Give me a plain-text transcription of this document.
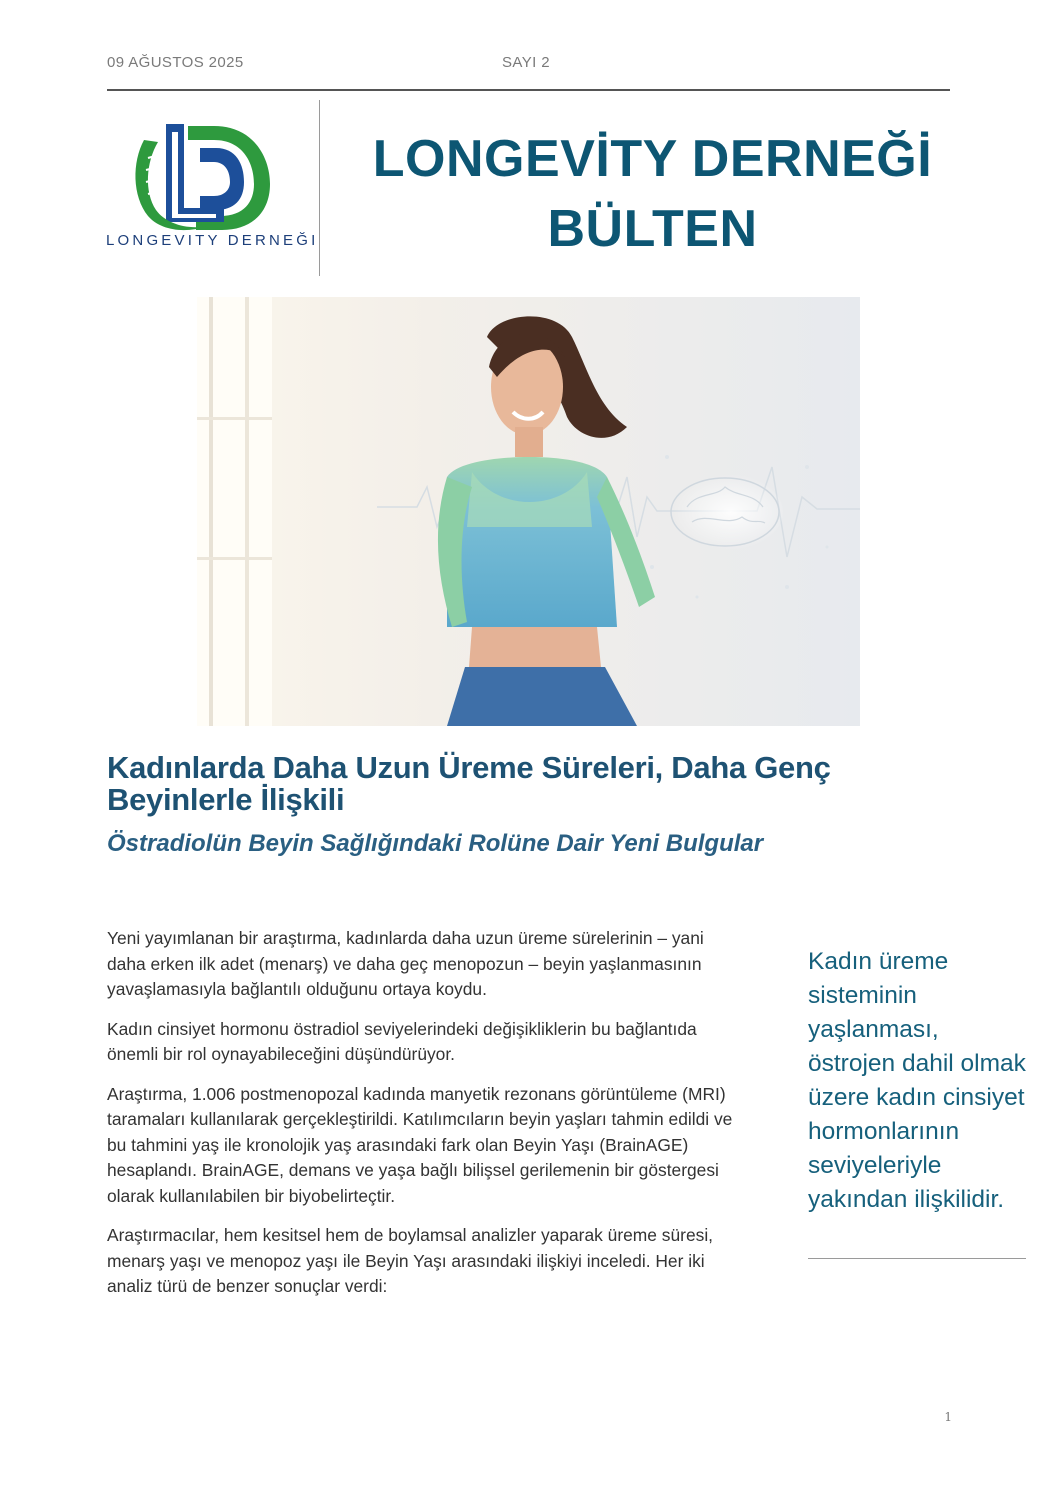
09 AĞUSTOS 2025	SAYI 2
LONGEVITY DERNEĞI
LONGEVİTY DERNEĞİ
BÜLTEN
Kadınlarda Daha Uzun Üreme Süreleri, Daha Genç Beyinlerle İlişkili
Östradiolün Beyin Sağlığındaki Rolüne Dair Yeni Bulgular

Yeni yayımlanan bir araştırma, kadınlarda daha uzun üreme sürelerinin – yani daha erken ilk adet (menarş) ve daha geç menopozun – beyin yaşlanmasının yavaşlamasıyla bağlantılı olduğunu ortaya koydu.

Kadın cinsiyet hormonu östradiol seviyelerindeki değişikliklerin bu bağlantıda önemli bir rol oynayabileceğini düşündürüyor.

Araştırma, 1.006 postmenopozal kadında manyetik rezonans görüntüleme (MRI) taramaları kullanılarak gerçekleştirildi. Katılımcıların beyin yaşları tahmin edildi ve bu tahmini yaş ile kronolojik yaş arasındaki fark olan Beyin Yaşı (BrainAGE) hesaplandı. BrainAGE, demans ve yaşa bağlı bilişsel gerilemenin bir göstergesi olarak kullanılabilen bir biyobelirteçtir.

Araştırmacılar, hem kesitsel hem de boylamsal analizler yaparak üreme süresi, menarş yaşı ve menopoz yaşı ile Beyin Yaşı arasındaki ilişkiyi inceledi. Her iki analiz türü de benzer sonuçlar verdi:

Kadın üreme sisteminin yaşlanması, östrojen dahil olmak üzere kadın cinsiyet hormonlarının seviyeleriyle yakından ilişkilidir.
1
